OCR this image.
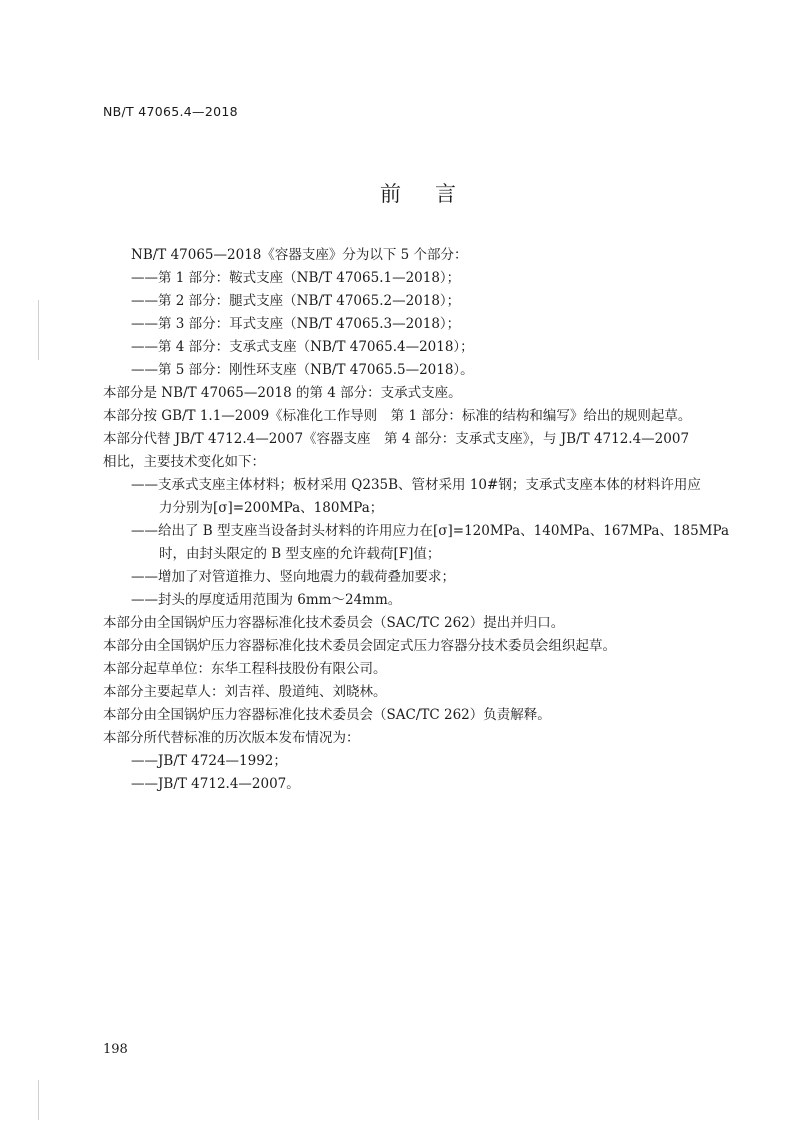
NB/T 47065.4—2018
前言
NB/T 47065—2018《容器支座》分为以下 5 个部分：
——第 1 部分：鞍式支座（NB/T 47065.1—2018）；
——第 2 部分：腿式支座（NB/T 47065.2—2018）；
——第 3 部分：耳式支座（NB/T 47065.3—2018）；
——第 4 部分：支承式支座（NB/T 47065.4—2018）；
——第 5 部分：刚性环支座（NB/T 47065.5—2018）。
本部分是 NB/T 47065—2018 的第 4 部分：支承式支座。
本部分按 GB/T 1.1—2009《标准化工作导则　第 1 部分：标准的结构和编写》给出的规则起草。
本部分代替 JB/T 4712.4—2007《容器支座　第 4 部分：支承式支座》，与 JB/T 4712.4—2007
相比，主要技术变化如下：
——支承式支座主体材料；板材采用 Q235B、管材采用 10#钢；支承式支座本体的材料许用应
力分别为[σ]=200MPa、180MPa；
——给出了 B 型支座当设备封头材料的许用应力在[σ]=120MPa、140MPa、167MPa、185MPa
时，由封头限定的 B 型支座的允许载荷[F]值；
——增加了对管道推力、竖向地震力的载荷叠加要求；
——封头的厚度适用范围为 6mm～24mm。
本部分由全国锅炉压力容器标准化技术委员会（SAC/TC 262）提出并归口。
本部分由全国锅炉压力容器标准化技术委员会固定式压力容器分技术委员会组织起草。
本部分起草单位：东华工程科技股份有限公司。
本部分主要起草人：刘吉祥、殷道纯、刘晓林。
本部分由全国锅炉压力容器标准化技术委员会（SAC/TC 262）负责解释。
本部分所代替标准的历次版本发布情况为：
——JB/T 4724—1992；
——JB/T 4712.4—2007。
198
